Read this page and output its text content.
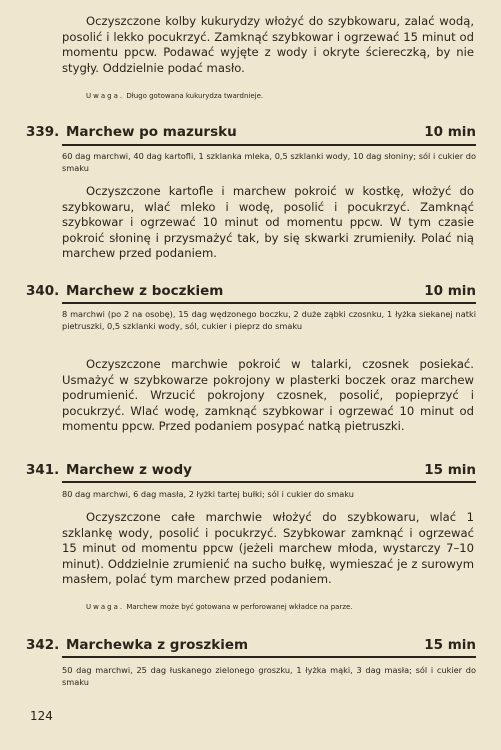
Oczyszczone kolby kukurydzy włożyć do szybkowaru, zalać wodą, posolić i lekko pocukrzyć. Zamknąć szybkowar i ogrzewać 15 minut od momentu ppcw. Podawać wyjęte z wody i okryte ściereczką, by nie stygły. Oddzielnie podać masło.

Uwaga. Długo gotowana kukurydza twardnieje.

339. Marchew po mazursku	10 min

60 dag marchwi, 40 dag kartofli, 1 szklanka mleka, 0,5 szklanki wody, 10 dag słoniny; sól i cukier do smaku

Oczyszczone kartofle i marchew pokroić w kostkę, włożyć do szybkowaru, wlać mleko i wodę, posolić i pocukrzyć. Zamknąć szybkowar i ogrzewać 10 minut od momentu ppcw. W tym czasie pokroić słoninę i przysmażyć tak, by się skwarki zrumieniły. Polać nią marchew przed podaniem.

340. Marchew z boczkiem	10 min

8 marchwi (po 2 na osobę), 15 dag wędzonego boczku, 2 duże ząbki czosnku, 1 łyżka siekanej natki pietruszki, 0,5 szklanki wody, sól, cukier i pieprz do smaku

Oczyszczone marchwie pokroić w talarki, czosnek posiekać. Usmażyć w szybkowarze pokrojony w plasterki boczek oraz marchew podrumienić. Wrzucić pokrojony czosnek, posolić, popieprzyć i pocukrzyć. Wlać wodę, zamknąć szybkowar i ogrzewać 10 minut od momentu ppcw. Przed podaniem posypać natką pietruszki.

341. Marchew z wody	15 min

80 dag marchwi, 6 dag masła, 2 łyżki tartej bułki; sól i cukier do smaku

Oczyszczone całe marchwie włożyć do szybkowaru, wlać 1 szklankę wody, posolić i pocukrzyć. Szybkowar zamknąć i ogrzewać 15 minut od momentu ppcw (jeżeli marchew młoda, wystarczy 7–10 minut). Oddzielnie zrumienić na sucho bułkę, wymieszać je z surowym masłem, polać tym marchew przed podaniem.

Uwaga. Marchew może być gotowana w perforowanej wkładce na parze.

342. Marchewka z groszkiem	15 min

50 dag marchwi, 25 dag łuskanego zielonego groszku, 1 łyżka mąki, 3 dag masła; sól i cukier do smaku

124
